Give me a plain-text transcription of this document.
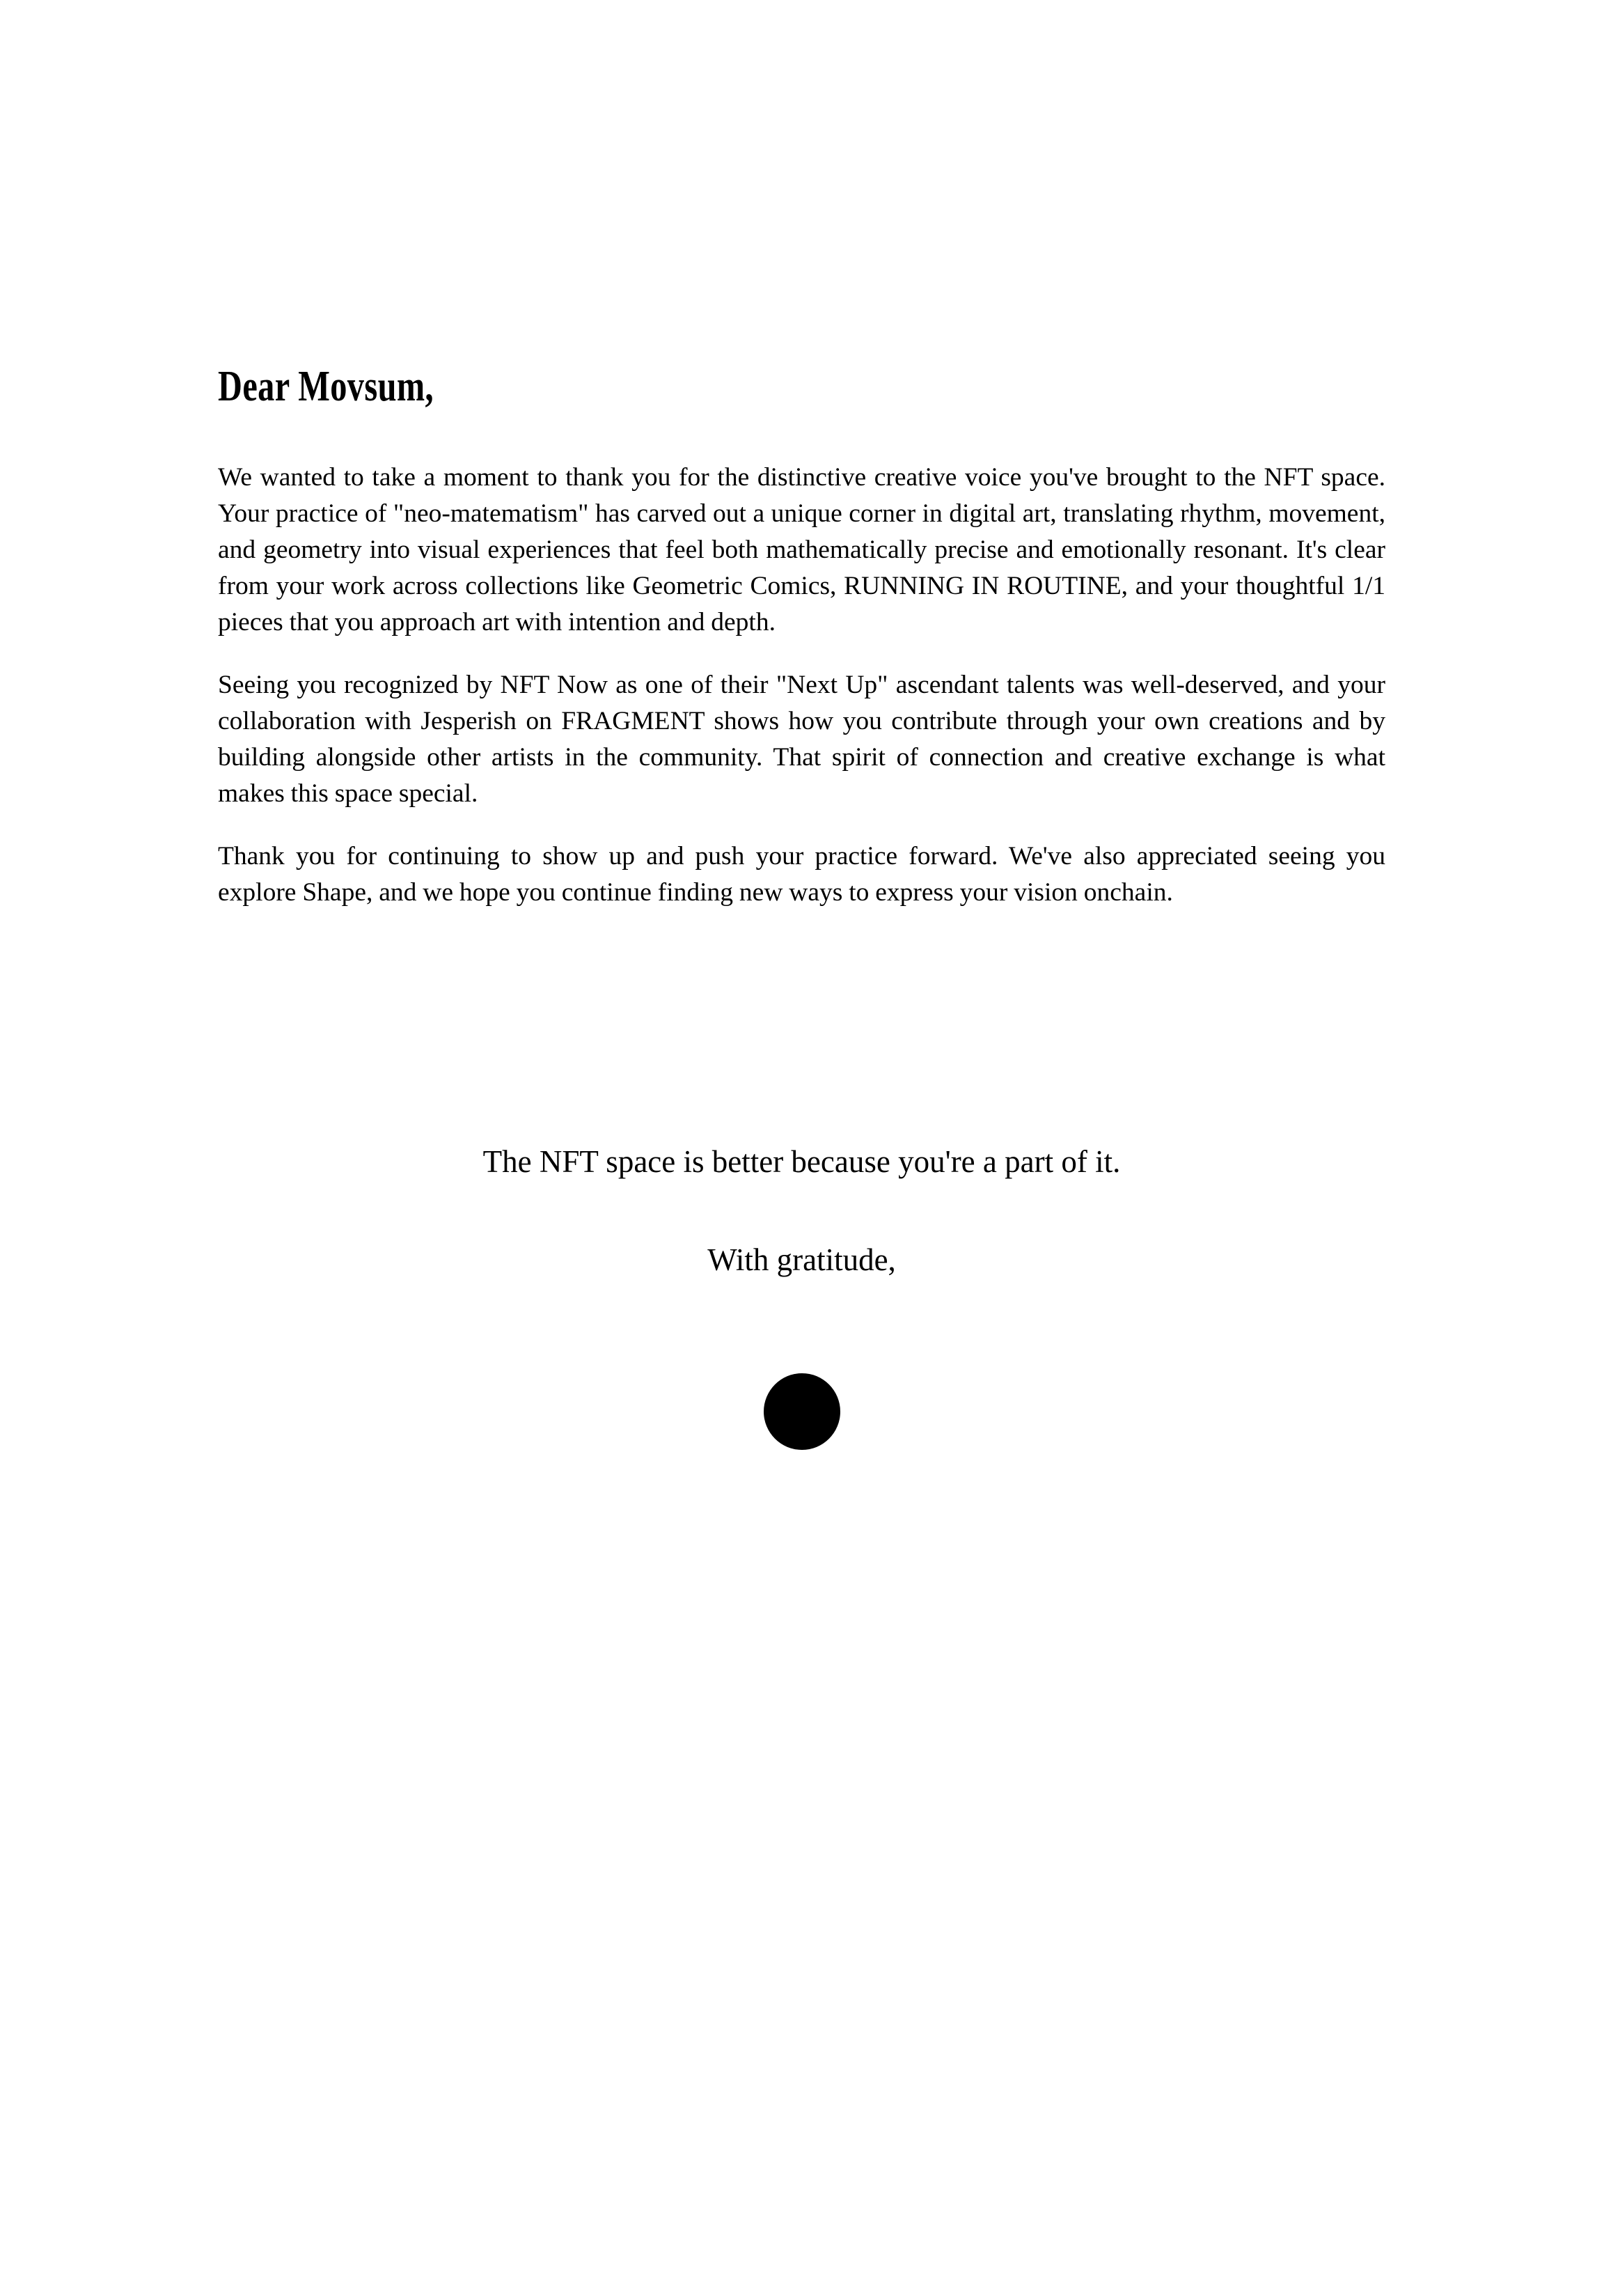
Dear Movsum,

We wanted to take a moment to thank you for the distinctive creative voice you've brought to the NFT space. Your practice of "neo-matematism" has carved out a unique corner in digital art, translating rhythm, movement, and geometry into visual experiences that feel both mathematically precise and emotionally resonant. It's clear from your work across collections like Geometric Comics, RUNNING IN ROUTINE, and your thoughtful 1/1 pieces that you approach art with intention and depth.

Seeing you recognized by NFT Now as one of their "Next Up" ascendant talents was well-deserved, and your collaboration with Jesperish on FRAGMENT shows how you contribute through your own creations and by building alongside other artists in the community. That spirit of connection and creative exchange is what makes this space special.

Thank you for continuing to show up and push your practice forward. We've also appreciated seeing you explore Shape, and we hope you continue finding new ways to express your vision onchain.

The NFT space is better because you're a part of it.
With gratitude,
